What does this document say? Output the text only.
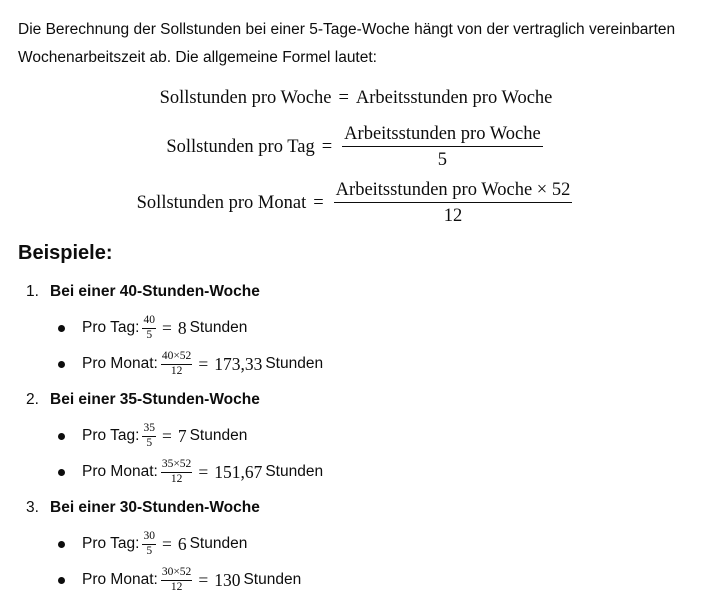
Die Berechnung der Sollstunden bei einer 5-Tage-Woche hängt von der vertraglich vereinbarten Wochenarbeitszeit ab. Die allgemeine Formel lautet:

Sollstunden pro Woche = Arbeitsstunden pro Woche
Sollstunden pro Tag = $\frac{\text{Arbeitsstunden pro Woche}}{5}$
Sollstunden pro Monat = $\frac{\text{Arbeitsstunden pro Woche × 52}}{12}$
Beispiele:
1. Bei einer 40-Stunden-Woche
Pro Tag: $\frac{40}{5} = 8$ Stunden
Pro Monat: $\frac{40\times 52}{12} = 173,33$ Stunden
2. Bei einer 35-Stunden-Woche
Pro Tag: $\frac{35}{5} = 7$ Stunden
Pro Monat: $\frac{35\times 52}{12} = 151,67$ Stunden
3. Bei einer 30-Stunden-Woche
Pro Tag: $\frac{30}{5} = 6$ Stunden
Pro Monat: $\frac{30\times 52}{12} = 130$ Stunden
